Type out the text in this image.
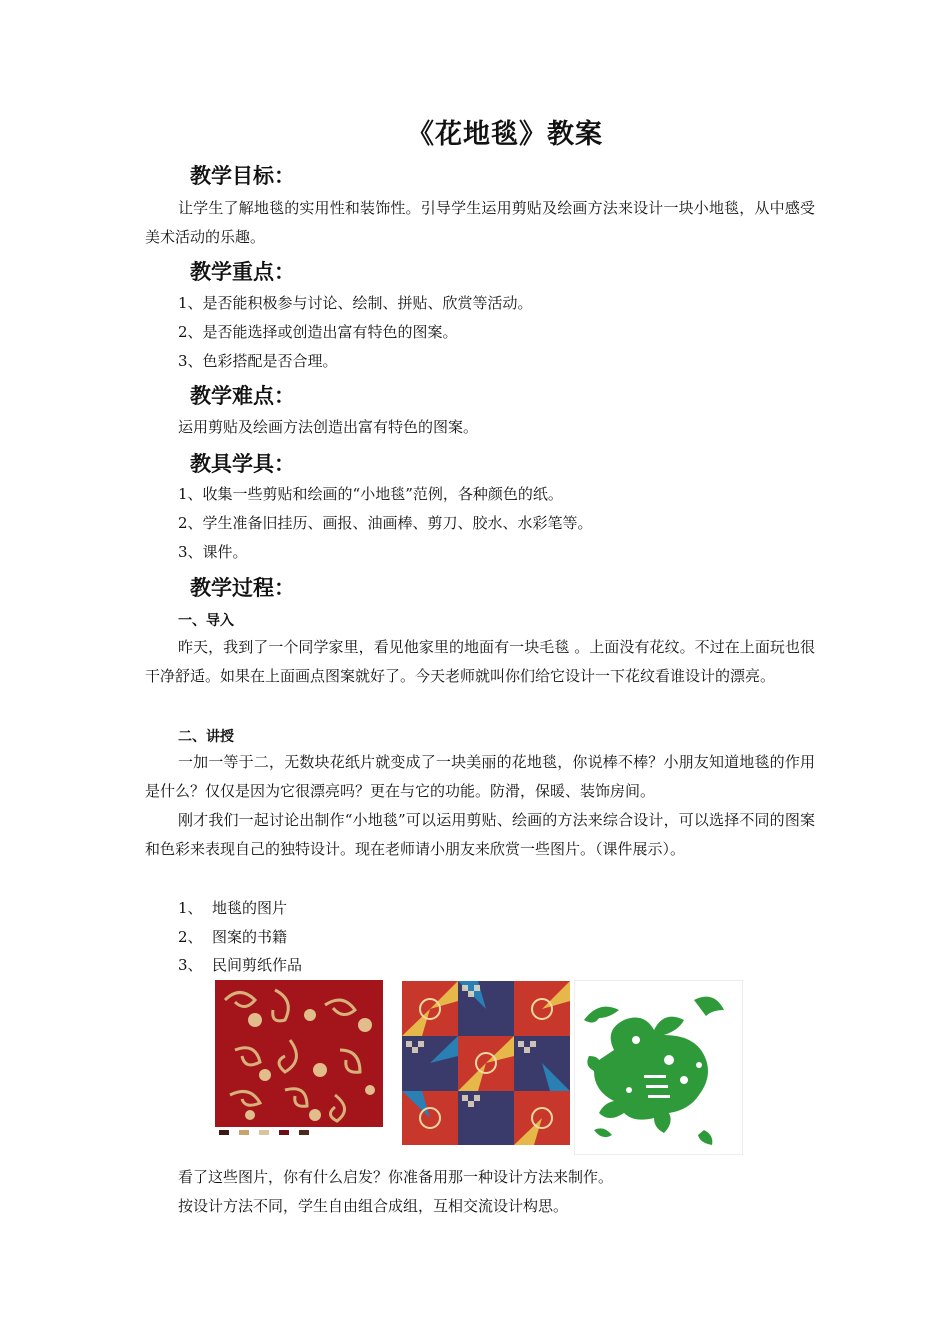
《花地毯》教案
教学目标：
让学生了解地毯的实用性和装饰性。引导学生运用剪贴及绘画方法来设计一块小地毯，从中感受美术活动的乐趣。
教学重点：
1、是否能积极参与讨论、绘制、拼贴、欣赏等活动。
2、是否能选择或创造出富有特色的图案。
3、色彩搭配是否合理。
教学难点：
运用剪贴及绘画方法创造出富有特色的图案。
教具学具：
1、收集一些剪贴和绘画的“小地毯”范例，各种颜色的纸。
2、学生准备旧挂历、画报、油画棒、剪刀、胶水、水彩笔等。
3、课件。
教学过程：
一、导入
昨天，我到了一个同学家里，看见他家里的地面有一块毛毯 。上面没有花纹。不过在上面玩也很干净舒适。如果在上面画点图案就好了。今天老师就叫你们给它设计一下花纹看谁设计的漂亮。
二、讲授
一加一等于二，无数块花纸片就变成了一块美丽的花地毯，你说棒不棒？小朋友知道地毯的作用是什么？仅仅是因为它很漂亮吗？更在与它的功能。防滑，保暖、装饰房间。
刚才我们一起讨论出制作“小地毯”可以运用剪贴、绘画的方法来综合设计，可以选择不同的图案和色彩来表现自己的独特设计。现在老师请小朋友来欣赏一些图片。（课件展示）。
1、 地毯的图片
2、 图案的书籍
3、 民间剪纸作品
看了这些图片，你有什么启发？你准备用那一种设计方法来制作。
按设计方法不同，学生自由组合成组，互相交流设计构思。
